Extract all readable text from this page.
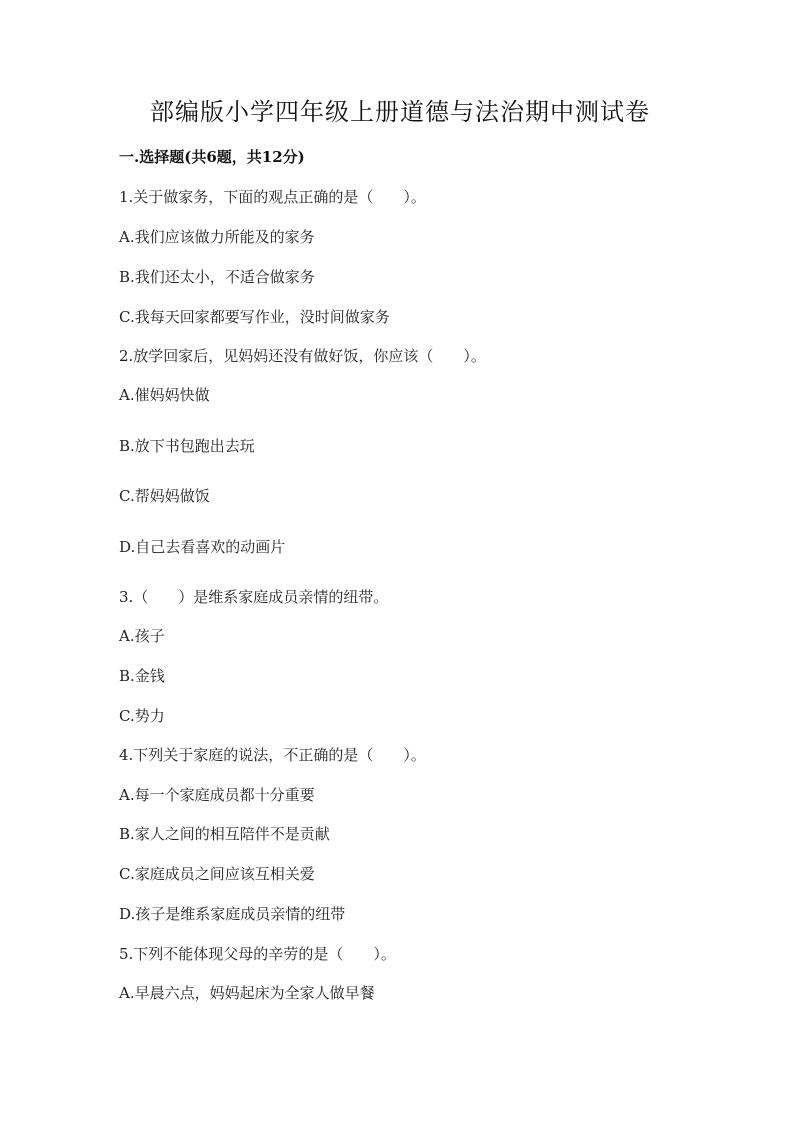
部编版小学四年级上册道德与法治期中测试卷
一.选择题(共6题，共12分)
1.关于做家务，下面的观点正确的是（　　）。
A.我们应该做力所能及的家务
B.我们还太小，不适合做家务
C.我每天回家都要写作业，没时间做家务
2.放学回家后，见妈妈还没有做好饭，你应该（　　）。
A.催妈妈快做
B.放下书包跑出去玩
C.帮妈妈做饭
D.自己去看喜欢的动画片
3.（　　）是维系家庭成员亲情的纽带。
A.孩子
B.金钱
C.势力
4.下列关于家庭的说法，不正确的是（　　）。
A.每一个家庭成员都十分重要
B.家人之间的相互陪伴不是贡献
C.家庭成员之间应该互相关爱
D.孩子是维系家庭成员亲情的纽带
5.下列不能体现父母的辛劳的是（　　）。
A.早晨六点，妈妈起床为全家人做早餐
